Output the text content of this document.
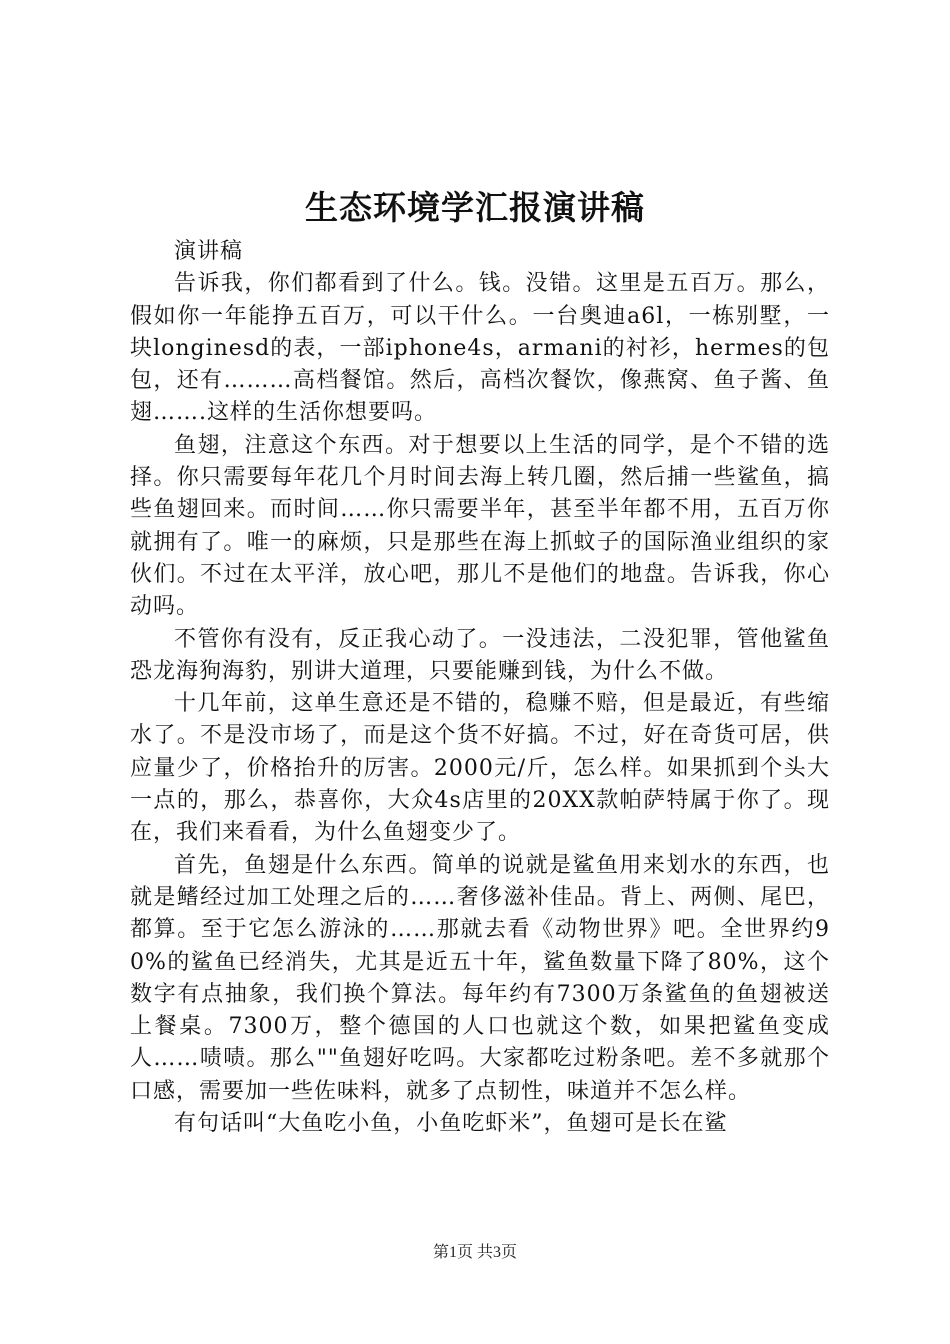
生态环境学汇报演讲稿

演讲稿

告诉我，你们都看到了什么。钱。没错。这里是五百万。那么，假如你一年能挣五百万，可以干什么。一台奥迪a6l，一栋别墅，一块longinesd的表，一部iphone4s，armani的衬衫，hermes的包包，还有………高档餐馆。然后，高档次餐饮，像燕窝、鱼子酱、鱼翅…….这样的生活你想要吗。

鱼翅，注意这个东西。对于想要以上生活的同学，是个不错的选择。你只需要每年花几个月时间去海上转几圈，然后捕一些鲨鱼，搞些鱼翅回来。而时间……你只需要半年，甚至半年都不用，五百万你就拥有了。唯一的麻烦，只是那些在海上抓蚊子的国际渔业组织的家伙们。不过在太平洋，放心吧，那儿不是他们的地盘。告诉我，你心动吗。

不管你有没有，反正我心动了。一没违法，二没犯罪，管他鲨鱼恐龙海狗海豹，别讲大道理，只要能赚到钱，为什么不做。

十几年前，这单生意还是不错的，稳赚不赔，但是最近，有些缩水了。不是没市场了，而是这个货不好搞。不过，好在奇货可居，供应量少了，价格抬升的厉害。2000元/斤，怎么样。如果抓到个头大一点的，那么，恭喜你，大众4s店里的20XX款帕萨特属于你了。现在，我们来看看，为什么鱼翅变少了。

首先，鱼翅是什么东西。简单的说就是鲨鱼用来划水的东西，也就是鳍经过加工处理之后的……奢侈滋补佳品。背上、两侧、尾巴，都算。至于它怎么游泳的……那就去看《动物世界》吧。全世界约90%的鲨鱼已经消失，尤其是近五十年，鲨鱼数量下降了80%，这个数字有点抽象，我们换个算法。每年约有7300万条鲨鱼的鱼翅被送上餐桌。7300万，整个德国的人口也就这个数，如果把鲨鱼变成人……啧啧。那么""鱼翅好吃吗。大家都吃过粉条吧。差不多就那个口感，需要加一些佐味料，就多了点韧性，味道并不怎么样。

有句话叫“大鱼吃小鱼，小鱼吃虾米”，鱼翅可是长在鲨

第1页 共3页
